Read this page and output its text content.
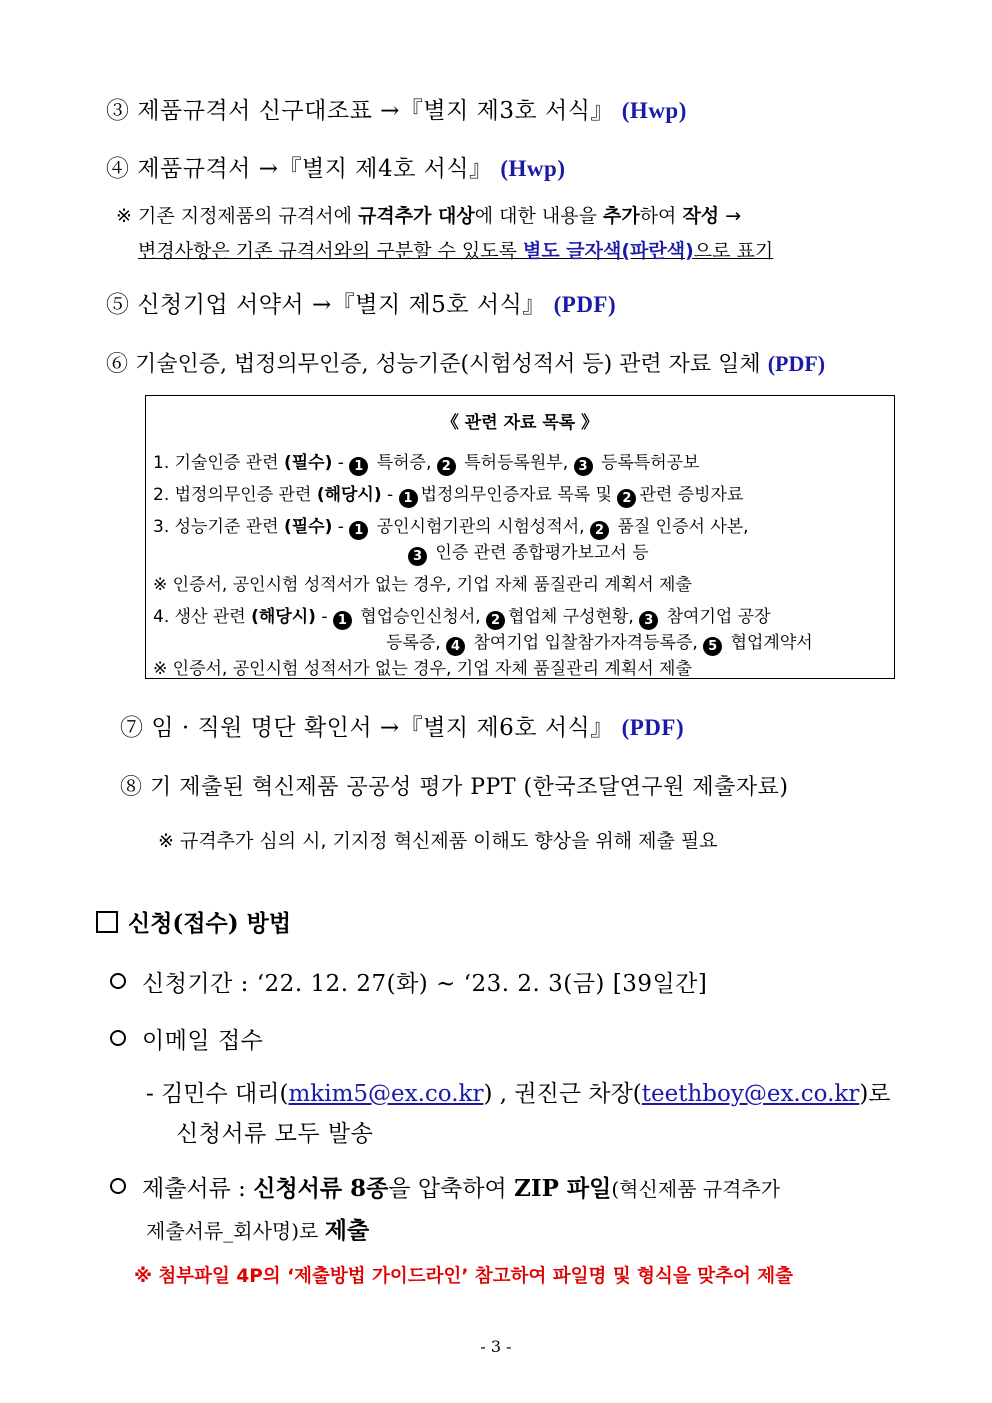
③ 제품규격서 신구대조표 →『별지 제3호 서식』 (Hwp)
④ 제품규격서 →『별지 제4호 서식』 (Hwp)
※ 기존 지정제품의 규격서에 규격추가 대상에 대한 내용을 추가하여 작성 →
변경사항은 기존 규격서와의 구분할 수 있도록 별도 글자색(파란색)으로 표기
⑤ 신청기업 서약서 →『별지 제5호 서식』 (PDF)
⑥ 기술인증, 법정의무인증, 성능기준(시험성적서 등) 관련 자료 일체 (PDF)
《 관련 자료 목록 》
1. 기술인증 관련 (필수) - 1 특허증, 2 특허등록원부, 3 등록특허공보
2. 법정의무인증 관련 (해당시) - 1 법정의무인증자료 목록 및 2 관련 증빙자료
3. 성능기준 관련 (필수) - 1 공인시험기관의 시험성적서, 2 품질 인증서 사본,
3 인증 관련 종합평가보고서 등
※ 인증서, 공인시험 성적서가 없는 경우, 기업 자체 품질관리 계획서 제출
4. 생산 관련 (해당시) - 1 협업승인신청서, 2 협업체 구성현황, 3 참여기업 공장
등록증, 4 참여기업 입찰참가자격등록증, 5 협업계약서
※ 인증서, 공인시험 성적서가 없는 경우, 기업 자체 품질관리 계획서 제출
⑦ 임 · 직원 명단 확인서 →『별지 제6호 서식』 (PDF)
⑧ 기 제출된 혁신제품 공공성 평가 PPT (한국조달연구원 제출자료)
※ 규격추가 심의 시, 기지정 혁신제품 이해도 향상을 위해 제출 필요
신청(접수) 방법
신청기간 : ‘22. 12. 27(화) ~ ‘23. 2. 3(금) [39일간]
이메일 접수
- 김민수 대리(mkim5@ex.co.kr) , 권진근 차장(teethboy@ex.co.kr)로
신청서류 모두 발송
제출서류 : 신청서류 8종을 압축하여 ZIP 파일(혁신제품 규격추가
제출서류_회사명)로 제출
※ 첨부파일 4P의 ‘제출방법 가이드라인’ 참고하여 파일명 및 형식을 맞추어 제출
- 3 -
